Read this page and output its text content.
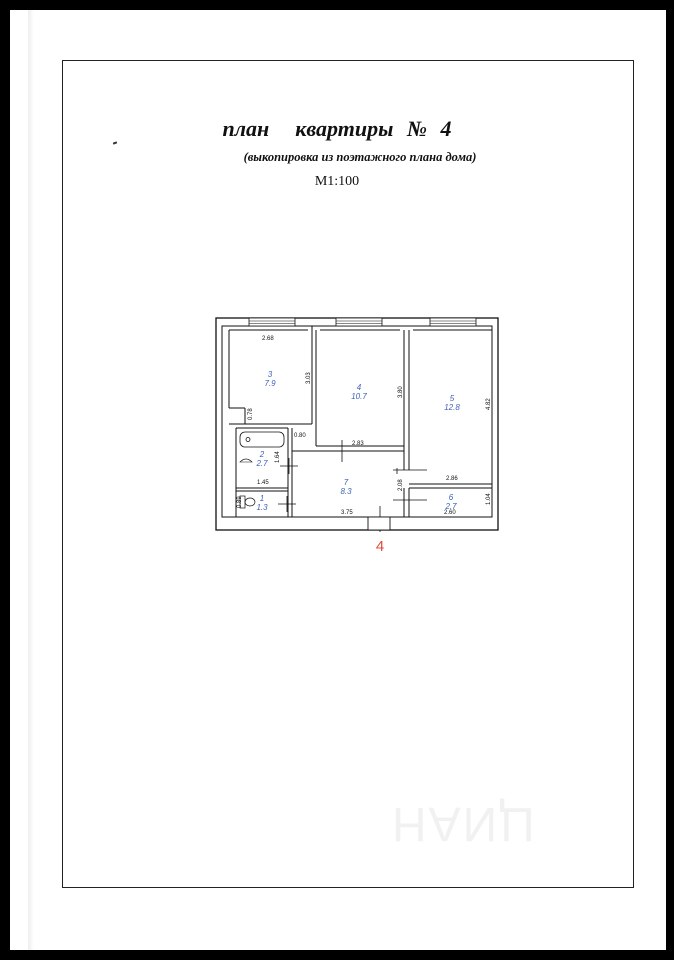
план квартиры № 4
(выкопировка из поэтажного плана дома)
М1:100
ЦИАН
2.68
3.03
3.80
4.82
0.78
0.80
2.83
1.64
1.45	2.08
2.86
1.04
0.89
3.75	2.60
3
7.9	4
10.7	5
12.8
2
2.7
7
8.3
6
2.7
1
1.3
4
